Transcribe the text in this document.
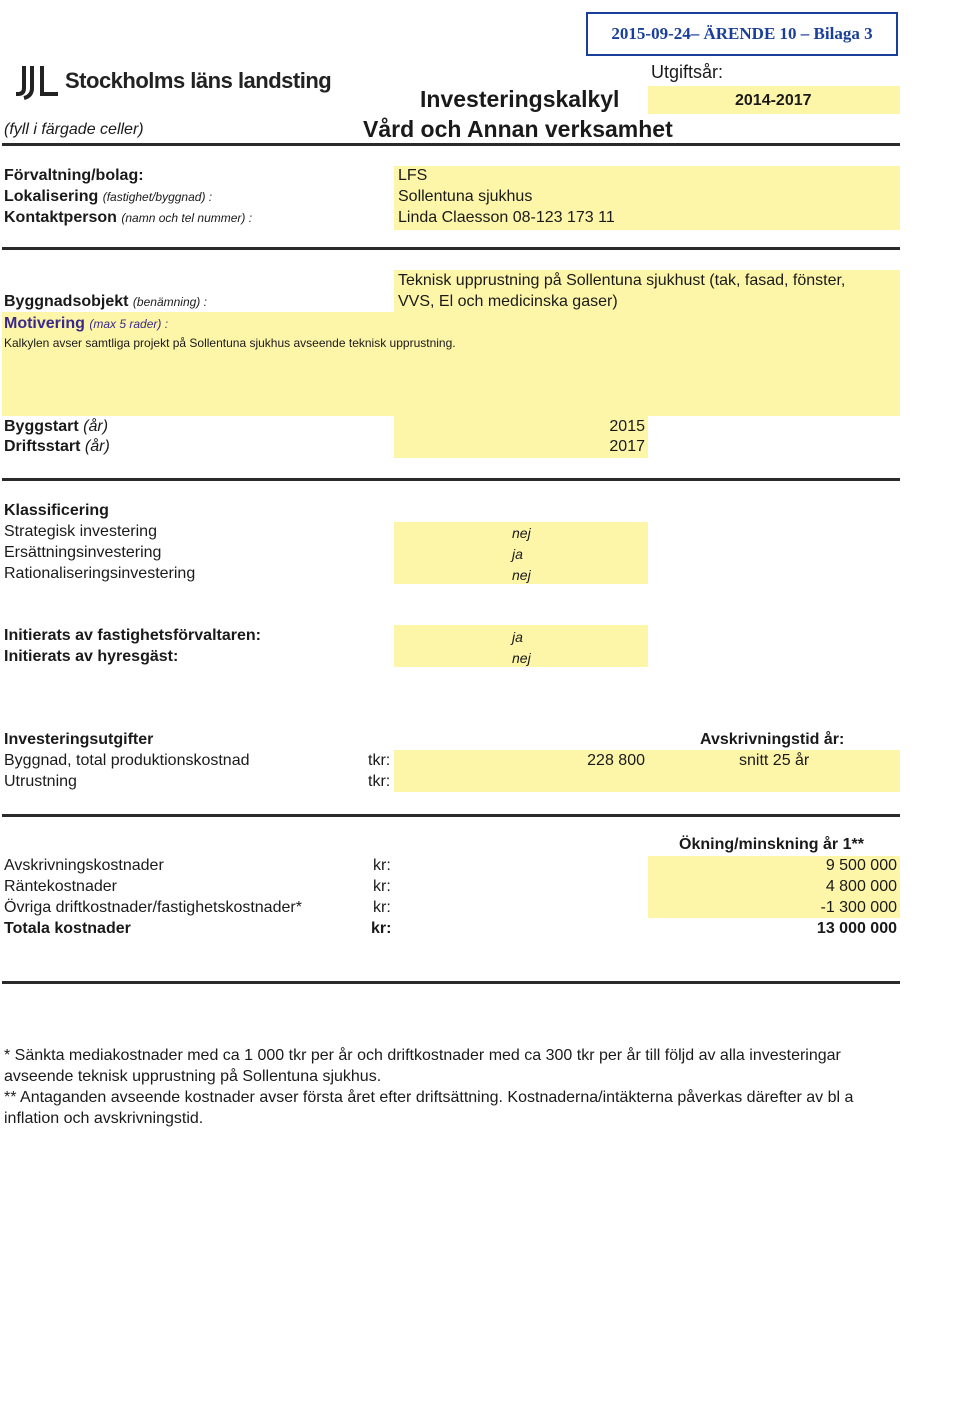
2015-09-24– ÄRENDE 10 – Bilaga 3
Stockholms läns landsting
(fyll i färgade celler)
Investeringskalkyl
Vård och Annan verksamhet
Utgiftsår:
2014-2017
Förvaltning/bolag:	LFS
Lokalisering (fastighet/byggnad) :	Sollentuna sjukhus
Kontaktperson (namn och tel nummer) :	Linda Claesson 08-123 173 11
Teknisk upprustning på Sollentuna sjukhust (tak, fasad, fönster,
VVS, El och medicinska gaser)
Byggnadsobjekt (benämning) :
Motivering (max 5 rader) :
Kalkylen avser samtliga projekt på Sollentuna sjukhus avseende teknisk upprustning.
Byggstart (år)	2015
Driftsstart (år)	2017
Klassificering
Strategisk investering	nej
Ersättningsinvestering	ja
Rationaliseringsinvestering	nej
Initierats av fastighetsförvaltaren:	ja
Initierats av hyresgäst:	nej
Investeringsutgifter	Avskrivningstid år:
Byggnad, total produktionskostnad	tkr:	228 800	snitt 25 år
Utrustning	tkr:
Ökning/minskning år 1**
Avskrivningskostnader	kr:	9 500 000
Räntekostnader	kr:	4 800 000
Övriga driftkostnader/fastighetskostnader*	kr:	-1 300 000
Totala kostnader	kr:	13 000 000
* Sänkta mediakostnader med ca 1 000 tkr per år och driftkostnader med ca 300 tkr per år till följd av alla investeringar
avseende teknisk upprustning på Sollentuna sjukhus.
** Antaganden avseende kostnader avser första året efter driftsättning. Kostnaderna/intäkterna påverkas därefter av bl a
inflation och avskrivningstid.
